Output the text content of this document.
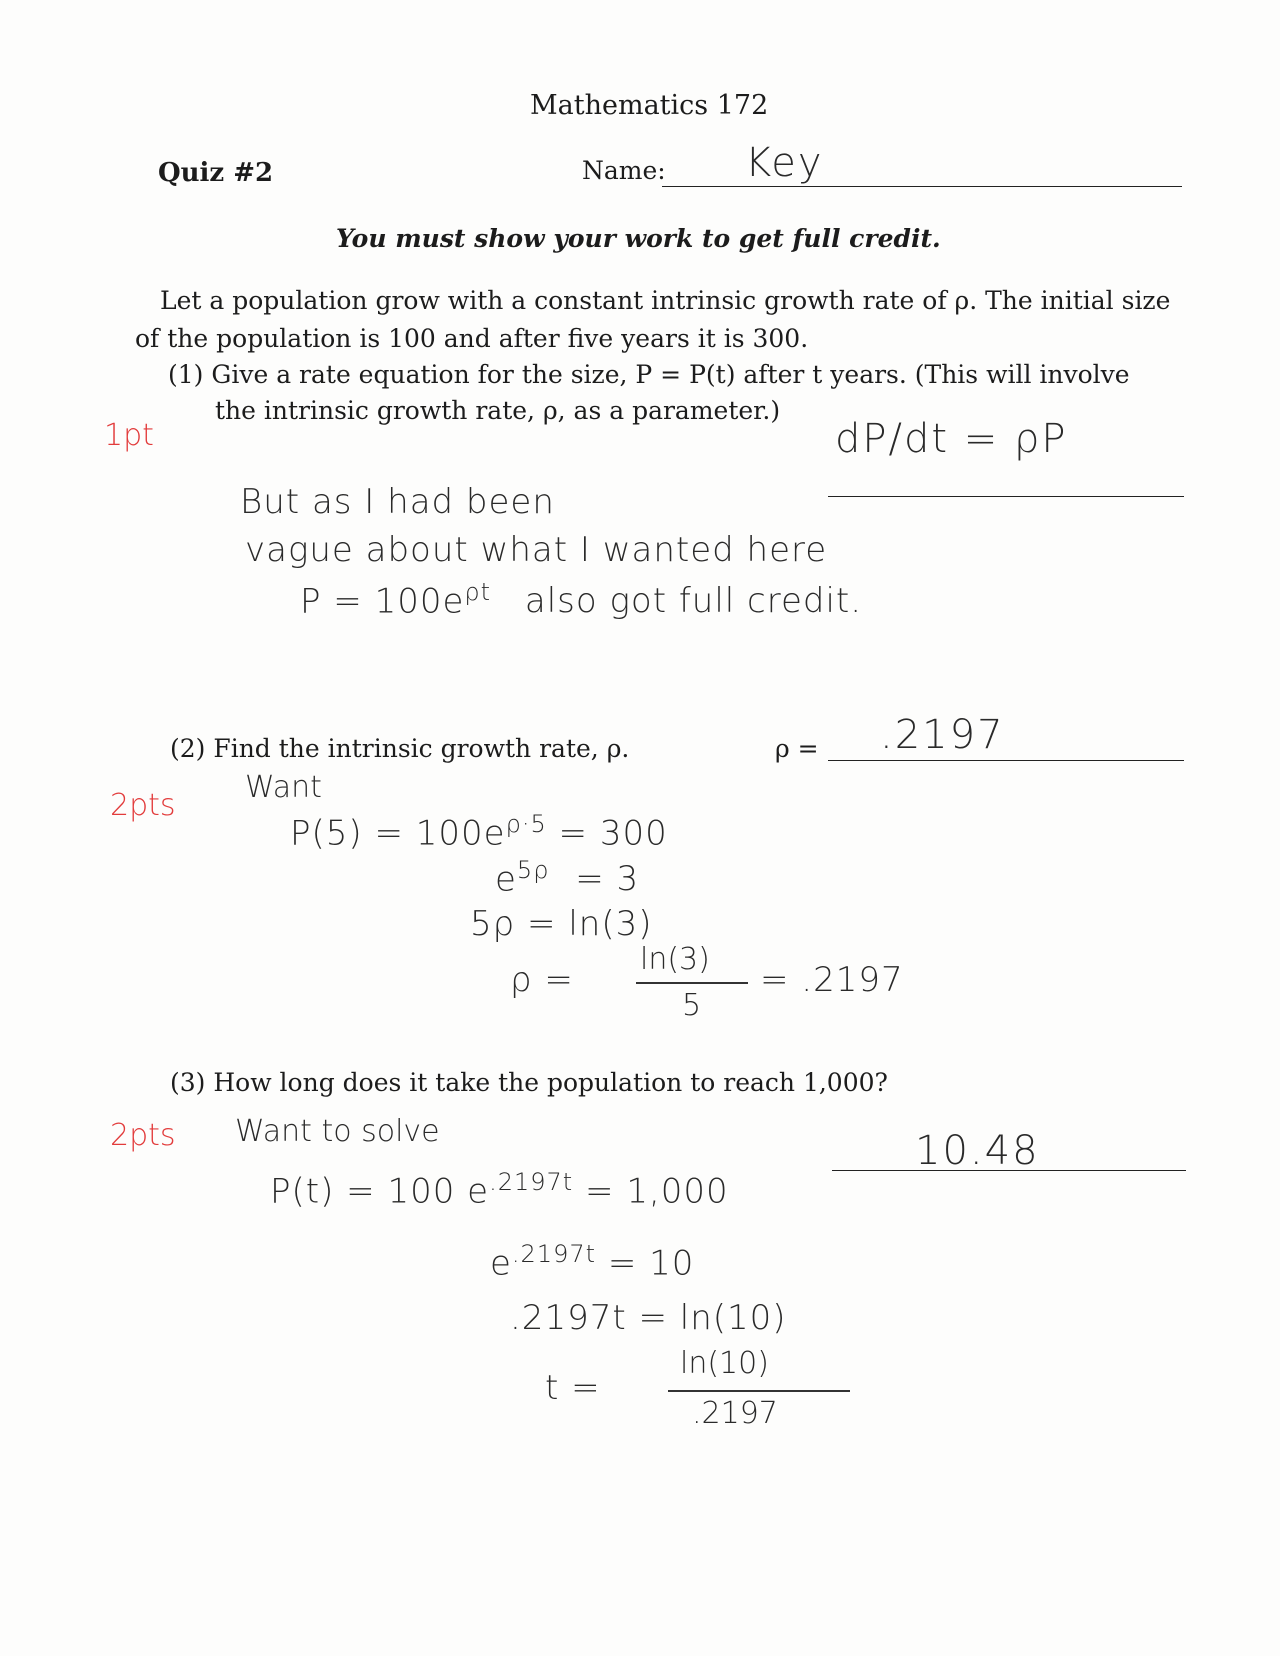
Mathematics 172
Quiz #2	Name: Key
You must show your work to get full credit.
Let a population grow with a constant intrinsic growth rate of ρ. The initial size
of the population is 100 and after five years it is 300.
(1) Give a rate equation for the size, P = P(t) after t years. (This will involve
the intrinsic growth rate, ρ, as a parameter.)
1pt	dP/dt = ρP
But as I had been
vague about what I wanted here
$P = 100e^{\rho t}$ also got full credit.
(2) Find the intrinsic growth rate, ρ.	ρ = .2197
2pts
Want
$P(5) = 100e^{\rho\cdot 5} = 300$
$e^{5\rho} = 3$
5ρ = ln(3)
ρ =
ln(3)
5
= .2197
(3) How long does it take the population to reach 1,000?
2pts Want to solve	10.48
P(t) = 100 $e^{.2197t} = 1,000$
$e^{.2197t} = 10$
.2197t = ln(10)
t =
ln(10)
.2197
